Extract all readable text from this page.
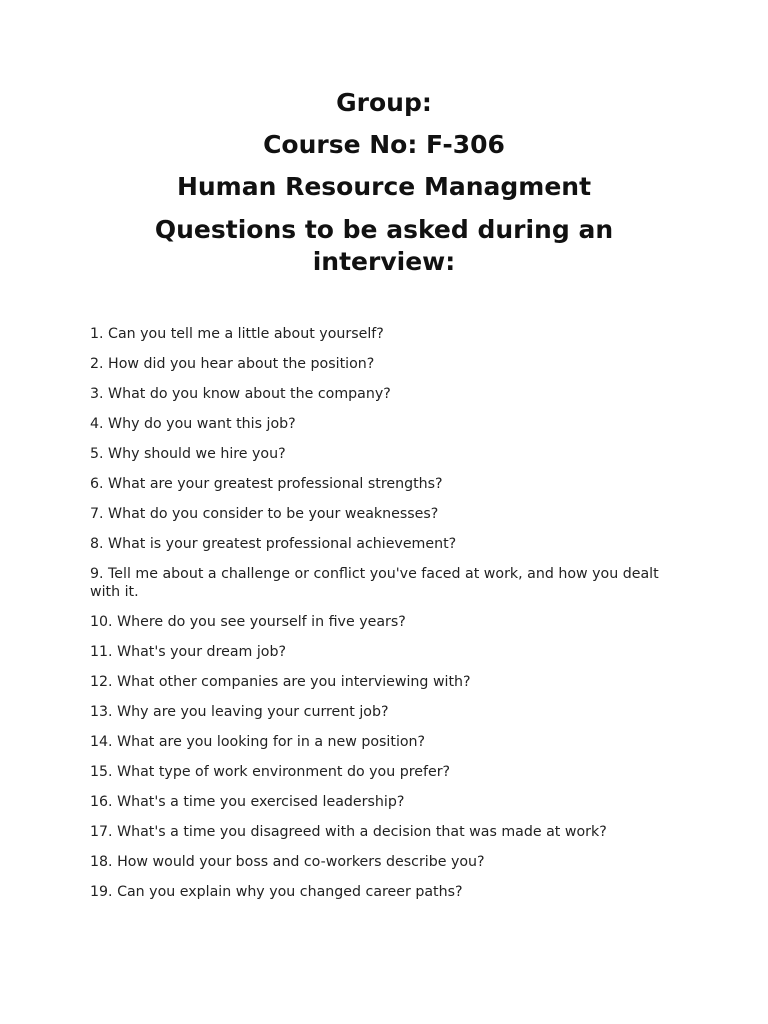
Group:
Course No: F-306
Human Resource Managment
Questions to be asked during an interview:
1. Can you tell me a little about yourself?
2. How did you hear about the position?
3. What do you know about the company?
4. Why do you want this job?
5. Why should we hire you?
6. What are your greatest professional strengths?
7. What do you consider to be your weaknesses?
8. What is your greatest professional achievement?
9. Tell me about a challenge or conflict you've faced at work, and how you dealt with it.
10. Where do you see yourself in five years?
11. What's your dream job?
12. What other companies are you interviewing with?
13. Why are you leaving your current job?
14. What are you looking for in a new position?
15. What type of work environment do you prefer?
16. What's a time you exercised leadership?
17. What's a time you disagreed with a decision that was made at work?
18. How would your boss and co-workers describe you?
19. Can you explain why you changed career paths?
